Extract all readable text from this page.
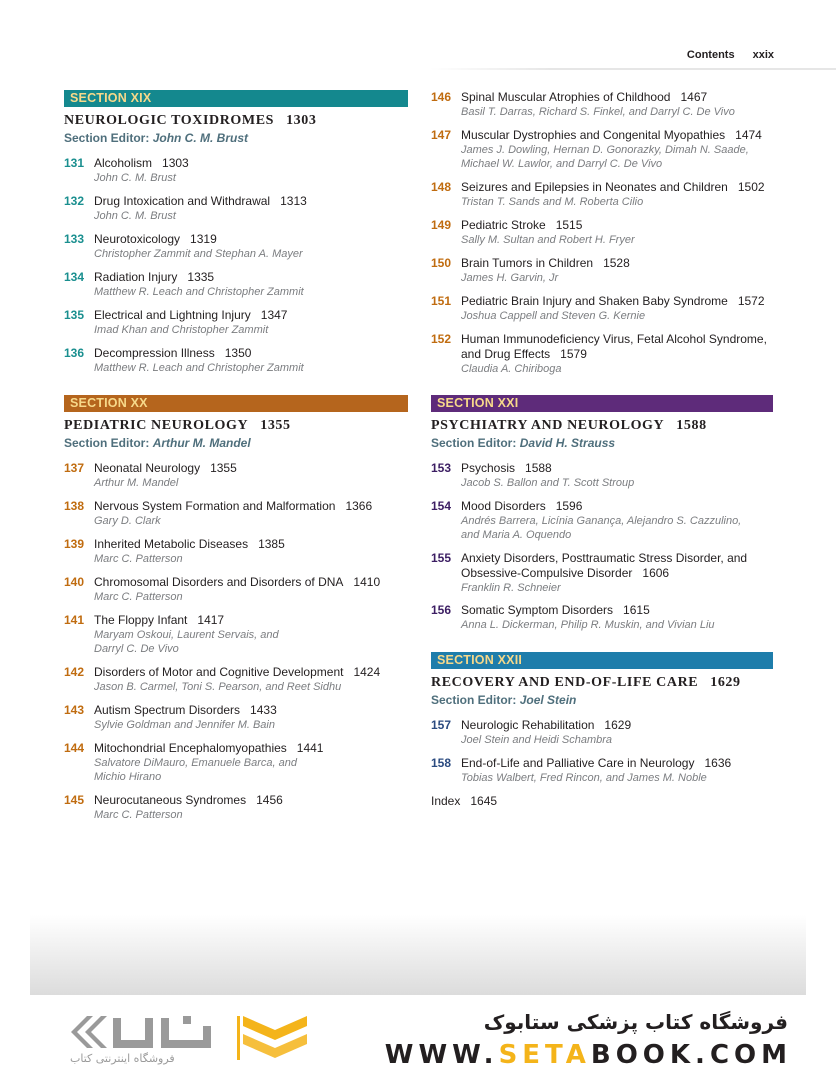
Contents xxix
SECTION XIX
NEUROLOGIC TOXIDROMES 1303
Section Editor: John C. M. Brust
131 Alcoholism 1303
John C. M. Brust
132 Drug Intoxication and Withdrawal 1313
John C. M. Brust
133 Neurotoxicology 1319
Christopher Zammit and Stephan A. Mayer
134 Radiation Injury 1335
Matthew R. Leach and Christopher Zammit
135 Electrical and Lightning Injury 1347
Imad Khan and Christopher Zammit
136 Decompression Illness 1350
Matthew R. Leach and Christopher Zammit
SECTION XX
PEDIATRIC NEUROLOGY 1355
Section Editor: Arthur M. Mandel
137 Neonatal Neurology 1355
Arthur M. Mandel
138 Nervous System Formation and Malformation 1366
Gary D. Clark
139 Inherited Metabolic Diseases 1385
Marc C. Patterson
140 Chromosomal Disorders and Disorders of DNA 1410
Marc C. Patterson
141 The Floppy Infant 1417
Maryam Oskoui, Laurent Servais, and
Darryl C. De Vivo
142 Disorders of Motor and Cognitive Development 1424
Jason B. Carmel, Toni S. Pearson, and Reet Sidhu
143 Autism Spectrum Disorders 1433
Sylvie Goldman and Jennifer M. Bain
144 Mitochondrial Encephalomyopathies 1441
Salvatore DiMauro, Emanuele Barca, and
Michio Hirano
145 Neurocutaneous Syndromes 1456
Marc C. Patterson
146 Spinal Muscular Atrophies of Childhood 1467
Basil T. Darras, Richard S. Finkel, and Darryl C. De Vivo
147 Muscular Dystrophies and Congenital Myopathies 1474
James J. Dowling, Hernan D. Gonorazky, Dimah N. Saade,
Michael W. Lawlor, and Darryl C. De Vivo
148 Seizures and Epilepsies in Neonates and Children 1502
Tristan T. Sands and M. Roberta Cilio
149 Pediatric Stroke 1515
Sally M. Sultan and Robert H. Fryer
150 Brain Tumors in Children 1528
James H. Garvin, Jr
151 Pediatric Brain Injury and Shaken Baby Syndrome 1572
Joshua Cappell and Steven G. Kernie
152 Human Immunodeficiency Virus, Fetal Alcohol Syndrome,
and Drug Effects 1579
Claudia A. Chiriboga
SECTION XXI
PSYCHIATRY AND NEUROLOGY 1588
Section Editor: David H. Strauss
153 Psychosis 1588
Jacob S. Ballon and T. Scott Stroup
154 Mood Disorders 1596
Andrés Barrera, Licínia Ganança, Alejandro S. Cazzulino,
and Maria A. Oquendo
155 Anxiety Disorders, Posttraumatic Stress Disorder, and
Obsessive-Compulsive Disorder 1606
Franklin R. Schneier
156 Somatic Symptom Disorders 1615
Anna L. Dickerman, Philip R. Muskin, and Vivian Liu
SECTION XXII
RECOVERY AND END-OF-LIFE CARE 1629
Section Editor: Joel Stein
157 Neurologic Rehabilitation 1629
Joel Stein and Heidi Schambra
158 End-of-Life and Palliative Care in Neurology 1636
Tobias Walbert, Fred Rincon, and James M. Noble
Index 1645
فروشگاه اینترنتی کتاب
فروشگاه کتاب پزشکی ستابوک
WWW.SETABOOK.COM
